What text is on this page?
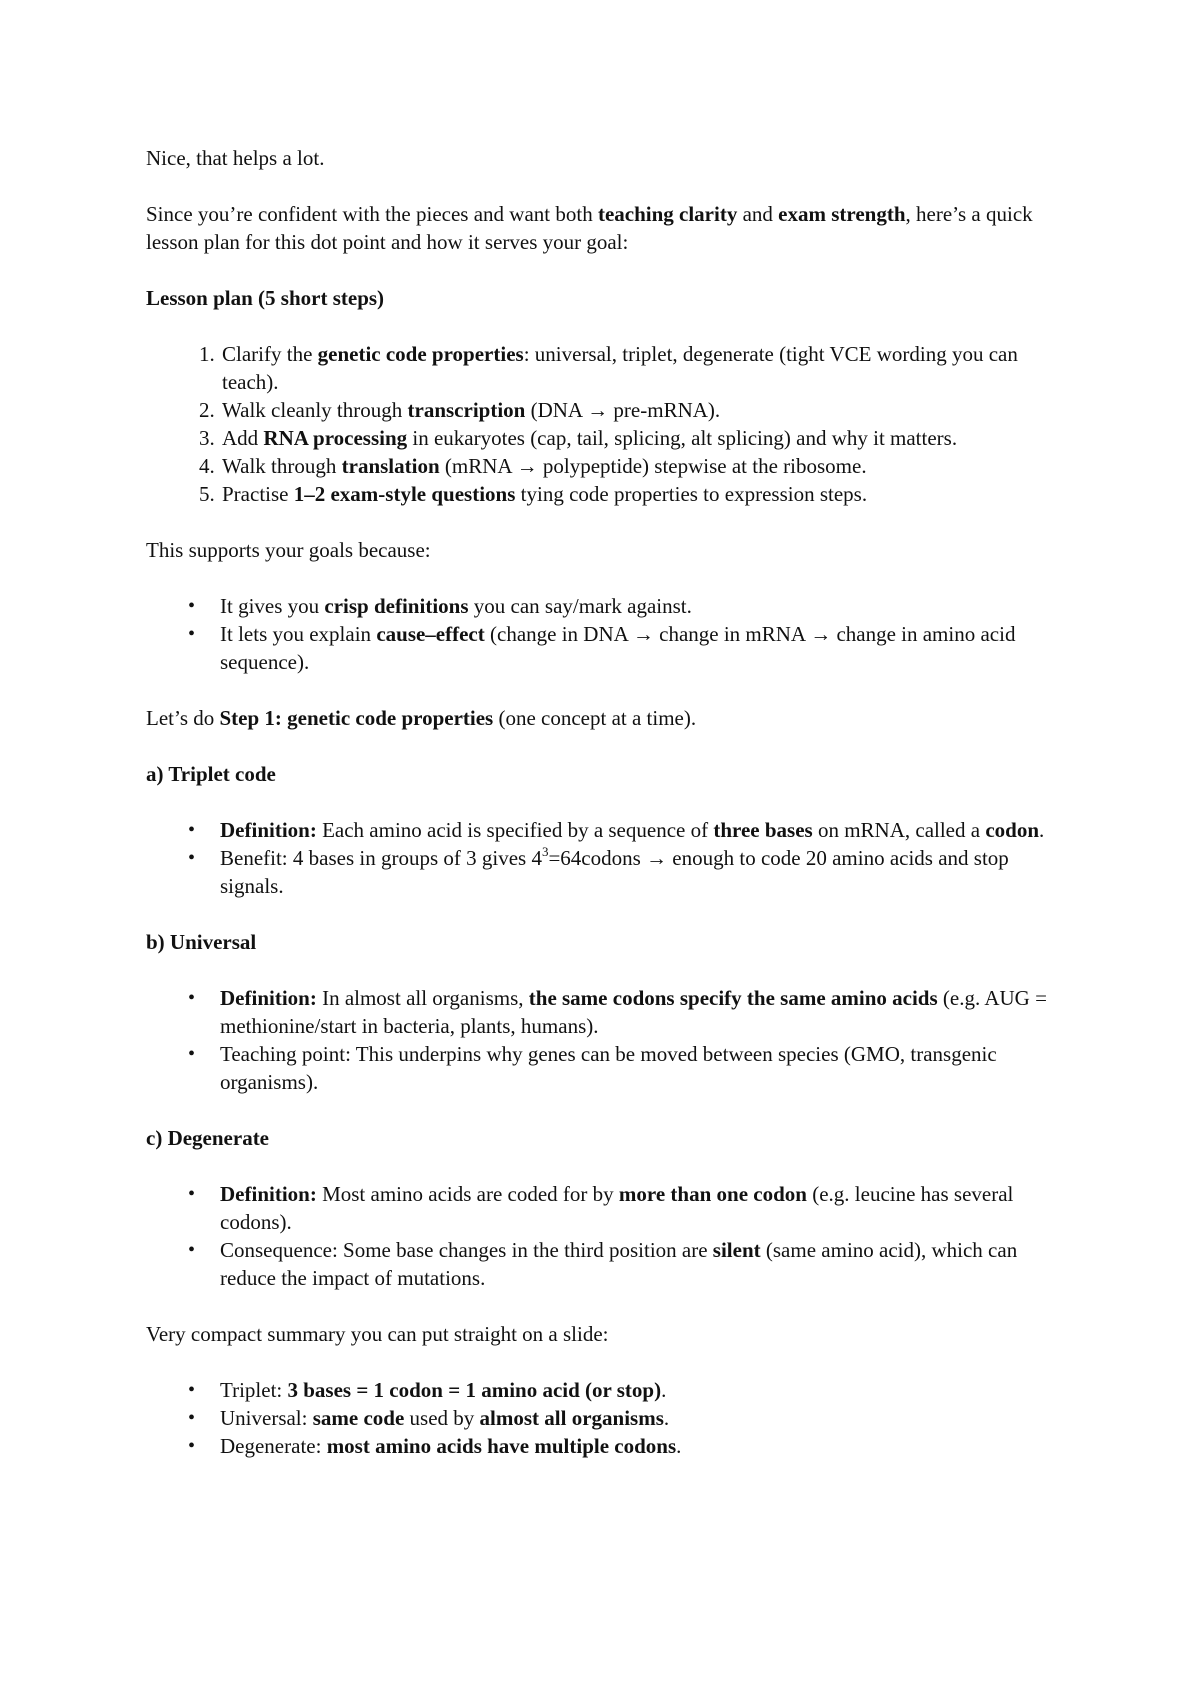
Nice, that helps a lot.

Since you’re confident with the pieces and want both teaching clarity and exam strength, here’s a quick lesson plan for this dot point and how it serves your goal:

Lesson plan (5 short steps)
1. Clarify the genetic code properties: universal, triplet, degenerate (tight VCE wording you can teach).
2. Walk cleanly through transcription (DNA → pre-mRNA).
3. Add RNA processing in eukaryotes (cap, tail, splicing, alt splicing) and why it matters.
4. Walk through translation (mRNA → polypeptide) stepwise at the ribosome.
5. Practise 1–2 exam-style questions tying code properties to expression steps.

This supports your goals because:

• It gives you crisp definitions you can say/mark against.
• It lets you explain cause–effect (change in DNA → change in mRNA → change in amino acid sequence).

Let’s do Step 1: genetic code properties (one concept at a time).

a) Triplet code
• Definition: Each amino acid is specified by a sequence of three bases on mRNA, called a codon.
• Benefit: 4 bases in groups of 3 gives $4^3=64codons$ → enough to code 20 amino acids and stop signals.
b) Universal
• Definition: In almost all organisms, the same codons specify the same amino acids (e.g. AUG = methionine/start in bacteria, plants, humans).
• Teaching point: This underpins why genes can be moved between species (GMO, transgenic organisms).
c) Degenerate
• Definition: Most amino acids are coded for by more than one codon (e.g. leucine has several codons).
• Consequence: Some base changes in the third position are silent (same amino acid), which can reduce the impact of mutations.

Very compact summary you can put straight on a slide:

• Triplet: 3 bases = 1 codon = 1 amino acid (or stop).
• Universal: same code used by almost all organisms.
• Degenerate: most amino acids have multiple codons.
